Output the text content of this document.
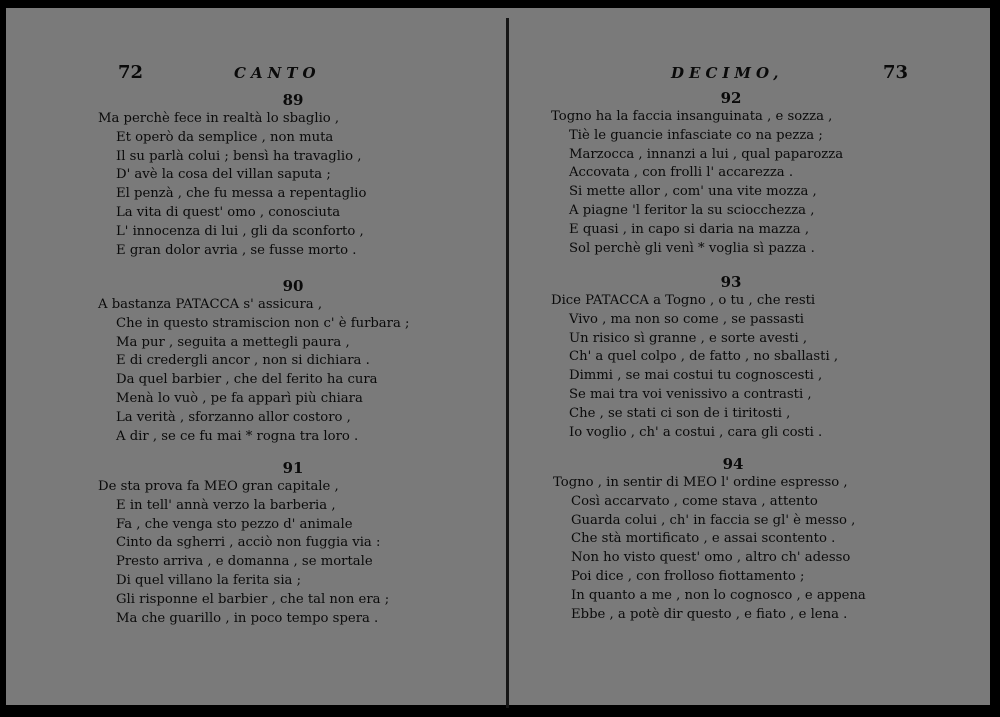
72	CANTO
89
Ma perchè fece in realtà lo sbaglio ,
Et operò da semplice , non muta
Il su parlà colui ; bensì ha travaglio ,
D' avè la cosa del villan saputa ;
El penzà , che fu messa a repentaglio
La vita di quest' omo , conosciuta
L' innocenza di lui , gli da sconforto ,
E gran dolor avria , se fusse morto .
90
A bastanza PATACCA s' assicura ,
Che in questo stramiscion non c' è furbara ;
Ma pur , seguita a mettegli paura ,
E di credergli ancor , non si dichiara .
Da quel barbier , che del ferito ha cura
Menà lo vuò , pe fa apparì più chiara
La verità , sforzanno allor costoro ,
A dir , se ce fu mai * rogna tra loro .
91
De sta prova fa MEO gran capitale ,
E in tell' annà verzo la barberia ,
Fa , che venga sto pezzo d' animale
Cinto da sgherri , acciò non fuggia via :
Presto arriva , e domanna , se mortale
Di quel villano la ferita sia ;
Gli risponne el barbier , che tal non era ;
Ma che guarillo , in poco tempo spera .
DECIMO,	73
92
Togno ha la faccia insanguinata , e sozza ,
Tiè le guancie infasciate co na pezza ;
Marzocca , innanzi a lui , qual paparozza
Accovata , con frolli l' accarezza .
Si mette allor , com' una vite mozza ,
A piagne 'l feritor la su sciocchezza ,
E quasi , in capo si daria na mazza ,
Sol perchè gli venì * voglia sì pazza .
93
Dice PATACCA a Togno , o tu , che resti
Vivo , ma non so come , se passasti
Un risico sì granne , e sorte avesti ,
Ch' a quel colpo , de fatto , no sballasti ,
Dimmi , se mai costui tu cognoscesti ,
Se mai tra voi venissivo a contrasti ,
Che , se stati ci son de i tiritosti ,
Io voglio , ch' a costui , cara gli costi .
94
Togno , in sentir di MEO l' ordine espresso ,
Così accarvato , come stava , attento
Guarda colui , ch' in faccia se gl' è messo ,
Che stà mortificato , e assai scontento .
Non ho visto quest' omo , altro ch' adesso
Poi dice , con frolloso fiottamento ;
In quanto a me , non lo cognosco , e appena
Ebbe , a potè dir questo , e fiato , e lena .
